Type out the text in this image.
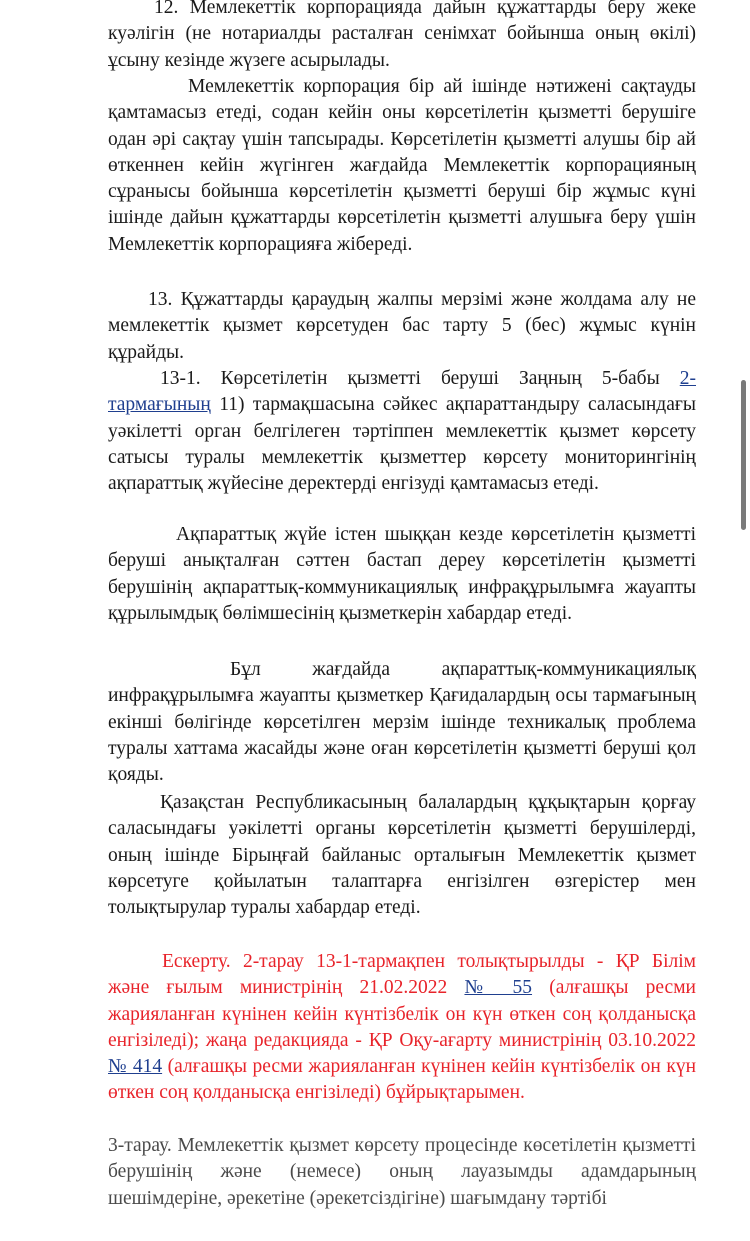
12. Мемлекеттік корпорацияда дайын құжаттарды беру жеке куәлігін (не нотариалды расталған сенімхат бойынша оның өкілі) ұсыну кезінде жүзеге асырылады.

Мемлекеттік корпорация бір ай ішінде нәтижені сақтауды қамтамасыз етеді, содан кейін оны көрсетілетін қызметті берушіге одан әрі сақтау үшін тапсырады. Көрсетілетін қызметті алушы бір ай өткеннен кейін жүгінген жағдайда Мемлекеттік корпорацияның сұранысы бойынша көрсетілетін қызметті беруші бір жұмыс күні ішінде дайын құжаттарды көрсетілетін қызметті алушыға беру үшін Мемлекеттік корпорацияға жібереді.

13. Құжаттарды қараудың жалпы мерзімі және жолдама алу не мемлекеттік қызмет көрсетуден бас тарту 5 (бес) жұмыс күнін құрайды.

13-1. Көрсетілетін қызметті беруші Заңның 5-бабы 2-тармағының 11) тармақшасына сәйкес ақпараттандыру саласындағы уәкілетті орган белгілеген тәртіппен мемлекеттік қызмет көрсету сатысы туралы мемлекеттік қызметтер көрсету мониторингінің ақпараттық жүйесіне деректерді енгізуді қамтамасыз етеді.

Ақпараттық жүйе істен шыққан кезде көрсетілетін қызметті беруші анықталған сәттен бастап дереу көрсетілетін қызметті берушінің ақпараттық-коммуникациялық инфрақұрылымға жауапты құрылымдық бөлімшесінің қызметкерін хабардар етеді.

Бұл жағдайда ақпараттық-коммуникациялық инфрақұрылымға жауапты қызметкер Қағидалардың осы тармағының екінші бөлігінде көрсетілген мерзім ішінде техникалық проблема туралы хаттама жасайды және оған көрсетілетін қызметті беруші қол қояды.

Қазақстан Республикасының балалардың құқықтарын қорғау саласындағы уәкілетті органы көрсетілетін қызметті берушілерді, оның ішінде Бірыңғай байланыс орталығын Мемлекеттік қызмет көрсетуге қойылатын талаптарға енгізілген өзгерістер мен толықтырулар туралы хабардар етеді.

Ескерту. 2-тарау 13-1-тармақпен толықтырылды - ҚР Білім және ғылым министрінің 21.02.2022 № 55 (алғашқы ресми жарияланған күнінен кейін күнтізбелік он күн өткен соң қолданысқа енгізіледі); жаңа редакцияда - ҚР Оқу-ағарту министрінің 03.10.2022 № 414 (алғашқы ресми жарияланған күнінен кейін күнтізбелік он күн өткен соң қолданысқа енгізіледі) бұйрықтарымен.

3-тарау. Мемлекеттік қызмет көрсету процесінде көсетілетін қызметті берушінің және (немесе) оның лауазымды адамдарының шешімдеріне, әрекетіне (әрекетсіздігіне) шағымдану тәртібі
